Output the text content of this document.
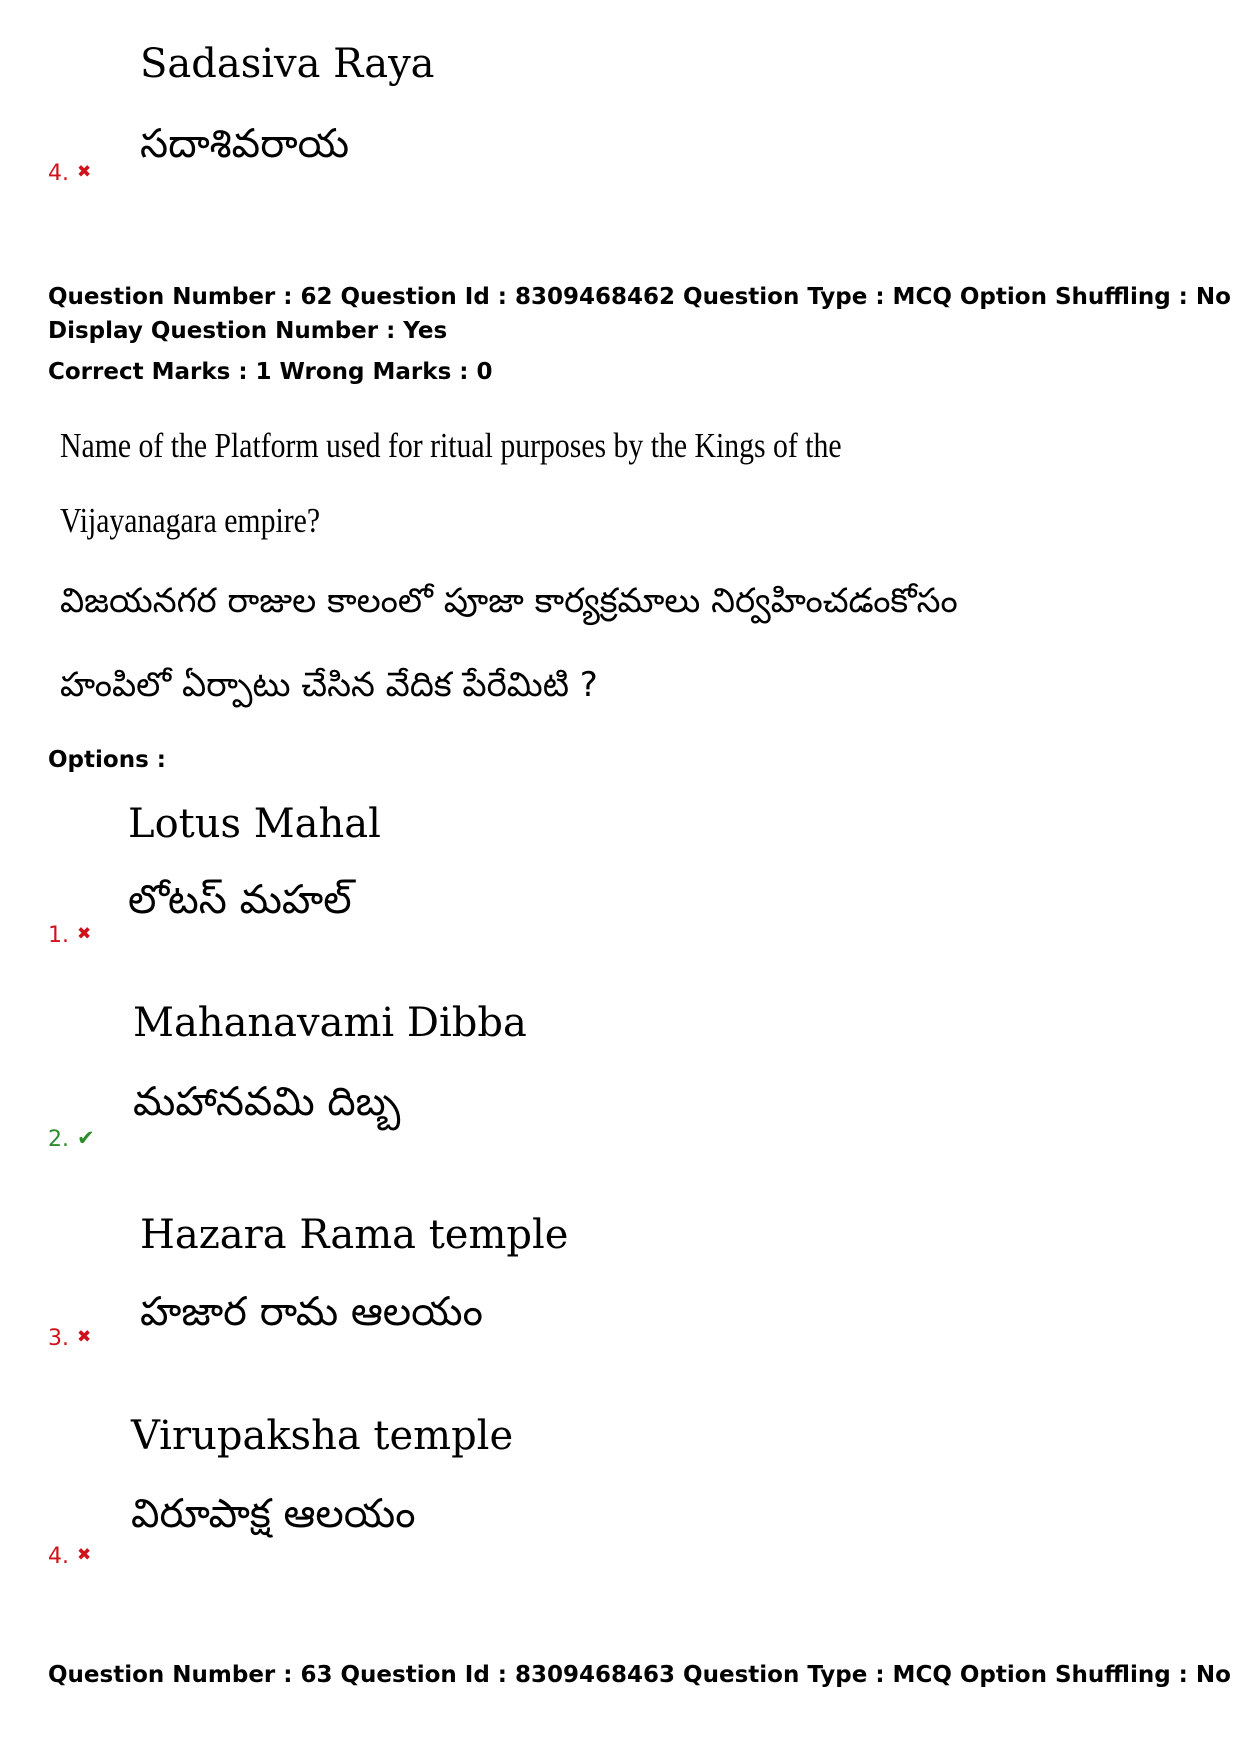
Sadasiva Raya
సదాశివరాయ
4. ✖
Question Number : 62 Question Id : 8309468462 Question Type : MCQ Option Shuffling : No
Display Question Number : Yes
Correct Marks : 1 Wrong Marks : 0
Name of the Platform used for ritual purposes by the Kings of the
Vijayanagara empire?
విజయనగర రాజుల కాలంలో పూజా కార్యక్రమాలు నిర్వహించడంకోసం
హంపిలో ఏర్పాటు చేసిన వేదిక పేరేమిటి ?
Options :
Lotus Mahal
లోటస్ మహల్
1. ✖
Mahanavami Dibba
మహానవమి దిబ్బ
2. ✔
Hazara Rama temple
హజార రామ ఆలయం
3. ✖
Virupaksha temple
విరూపాక్ష ఆలయం
4. ✖
Question Number : 63 Question Id : 8309468463 Question Type : MCQ Option Shuffling : No
